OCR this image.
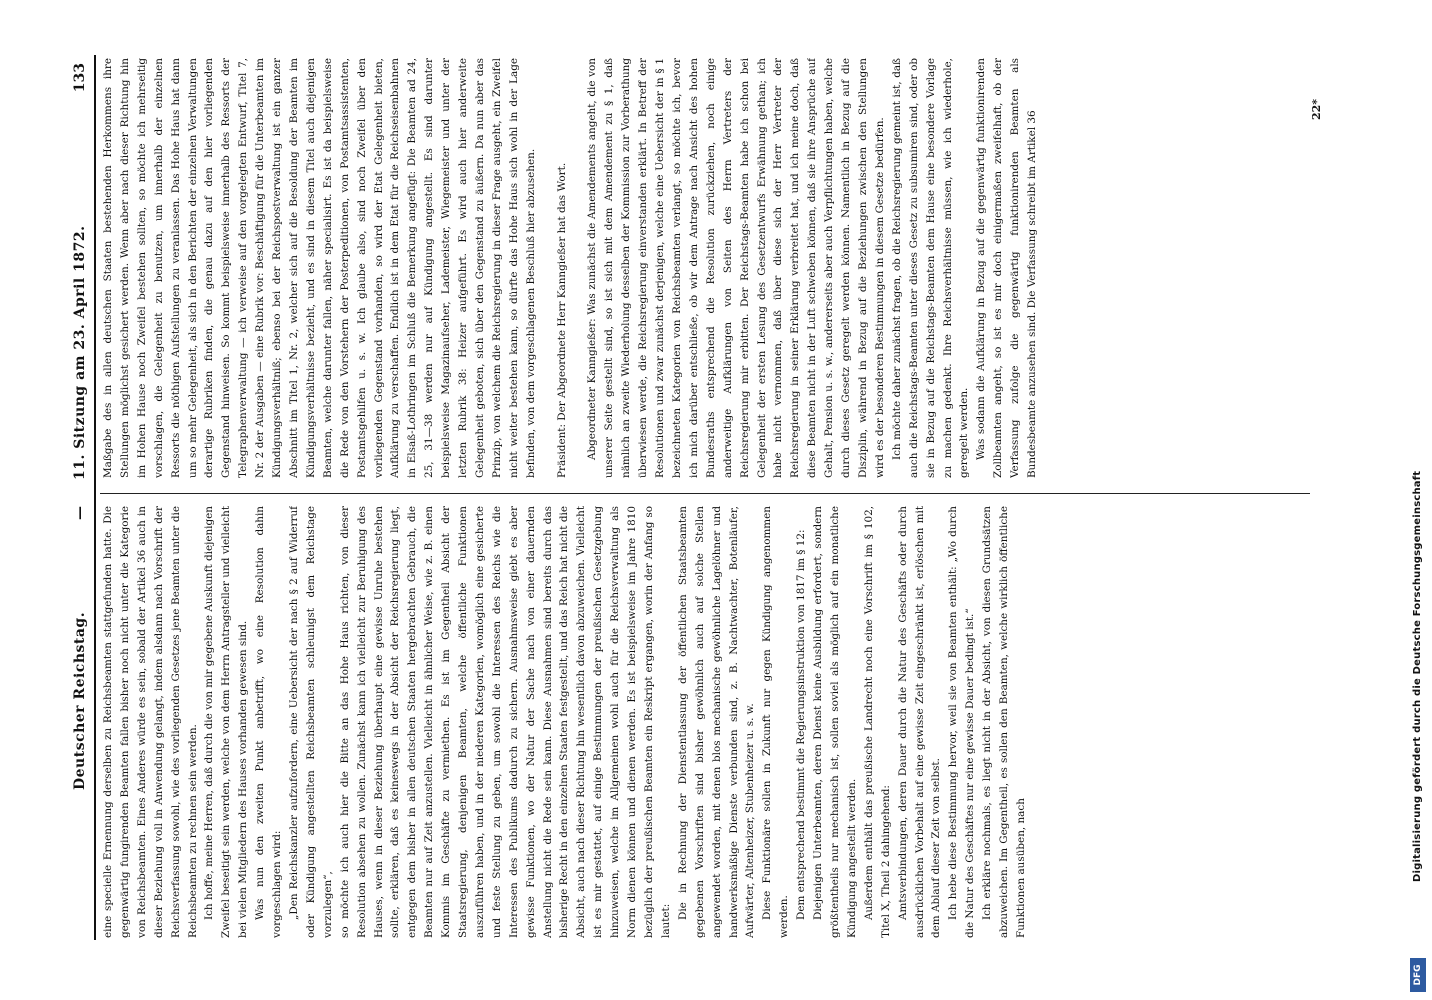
Deutscher Reichstag.
—
11. Sitzung am 23. April 1872.
133

eine specielle Ernennung derselben zu Reichsbeamten stattgefunden hatte. Die gegenwärtig fungirenden Beamten fallen bisher noch nicht unter die Kategorie von Reichsbeamten. Eines Anderes würde es sein, sobald der Artikel 36 auch in dieser Beziehung voll in Anwendung gelangt, indem alsdann nach Vorschrift der Reichsverfassung sowohl, wie des vorliegenden Gesetzes jene Beamten unter die Reichsbeamten zu rechnen sein werden. Ich hoffe, meine Herren, daß durch die von mir gegebene Auskunft diejenigen Zweifel beseitigt sein werden, welche von dem Herrn Antragsteller und vielleicht bei vielen Mitgliedern des Hauses vorhanden gewesen sind. Was nun den zweiten Punkt anbetrifft, wo eine Resolution dahin vorgeschlagen wird: „Den Reichskanzler aufzufordern, eine Uebersicht der nach § 2 auf Widerruf oder Kündigung angestellten Reichsbeamten schleunigst dem Reichstage vorzulegen“, so möchte ich auch hier die Bitte an das Hohe Haus richten, von dieser Resolution absehen zu wollen. Zunächst kann ich vielleicht zur Beruhigung des Hauses, wenn in dieser Beziehung überhaupt eine gewisse Unruhe bestehen sollte, erklären, daß es keineswegs in der Absicht der Reichsregierung liegt, entgegen dem bisher in allen deutschen Staaten hergebrachten Gebrauch, die Beamten nur auf Zeit anzustellen. Vielleicht in ähnlicher Weise, wie z. B. einen Kommis im Geschäfte zu vermiethen. Es ist im Gegentheil Absicht der Staatsregierung, denjenigen Beamten, welche öffentliche Funktionen auszuführen haben, und in der niederen Kategorien, womöglich eine gesicherte und feste Stellung zu geben, um sowohl die Interessen des Reichs wie die Interessen des Publikums dadurch zu sichern. Ausnahmsweise giebt es aber gewisse Funktionen, wo der Natur der Sache nach von einer dauernden Anstellung nicht die Rede sein kann. Diese Ausnahmen sind bereits durch das bisherige Recht in den einzelnen Staaten festgestellt, und das Reich hat nicht die Absicht, auch nach dieser Richtung hin wesentlich davon abzuweichen. Vielleicht ist es mir gestattet, auf einige Bestimmungen der preußischen Gesetzgebung hinzuweisen, welche im Allgemeinen wohl auch für die Reichsverwaltung als Norm dienen können und dienen werden. Es ist beispielsweise im Jahre 1810 bezüglich der preußischen Beamten ein Reskript ergangen, worin der Anfang so lautet:

Die in Rechnung der Dienstentlassung der öffentlichen Staatsbeamten gegebenen Vorschriften sind bisher gewöhnlich auch auf solche Stellen angewendet worden, mit denen blos mechanische gewöhnliche Lagelöhner und handwerksmäßige Dienste verbunden sind, z. B. Nachtwachter, Botenläufer, Aufwärter, Altenheizer, Stubenheizer u. s. w. Diese Funktionäre sollen in Zukunft nur gegen Kündigung angenommen werden. Dem entsprechend bestimmt die Regierungsinstruktion von 1817 im § 12: Diejenigen Unterbeamten, deren Dienst keine Ausbildung erfordert, sondern größtentheils nur mechanisch ist, sollen soviel als möglich auf ein monatliche Kündigung angestellt werden. Außerdem enthält das preußische Landrecht noch eine Vorschrift im § 102, Titel X, Theil 2 dahingehend: Amtsverbindungen, deren Dauer durch die Natur des Geschäfts oder durch ausdrücklichen Vorbehalt auf eine gewisse Zeit eingeschränkt ist, erlöschen mit dem Ablauf dieser Zeit von selbst. Ich hebe diese Bestimmung hervor, weil sie von Beamten enthält: „Wo durch die Natur des Geschäftes nur eine gewisse Dauer bedingt ist.“ Ich erkläre nochmals, es liegt nicht in der Absicht, von diesen Grundsätzen abzuweichen. Im Gegentheil, es sollen den Beamten, welche wirklich öffentliche Funktionen ausüben, nach

Maßgabe des in allen deutschen Staaten bestehenden Herkommens ihre Stellungen möglichst gesichert werden. Wenn aber nach dieser Richtung hin im Hohen Hause noch Zweifel bestehen sollten, so möchte ich mehrseitig vorschlagen, die Gelegenheit zu benutzen, um innerhalb der einzelnen Ressorts die nöthigen Aufstellungen zu veranlassen. Das Hohe Haus hat dann um so mehr Gelegenheit, als sich in den Berichten der einzelnen Verwaltungen derartige Rubriken finden, die genau dazu auf den hier vorliegenden Gegenstand hinweisen. So kommt beispielsweise innerhalb des Ressorts der Telegraphenverwaltung — ich verweise auf den vorgelegten Entwurf, Titel 7, Nr. 2 der Ausgaben — eine Rubrik vor: Beschäftigung für die Unterbeamten im Kündigungsverhältniß; ebenso bei der Reichspostverwaltung ist ein ganzer Abschnitt im Titel 1, Nr. 2, welcher sich auf die Besoldung der Beamten im Kündigungsverhältnisse bezieht, und es sind in diesem Titel auch diejenigen Beamten, welche darunter fallen, näher specialisirt. Es ist da beispielsweise die Rede von den Vorstehern der Posterpeditionen, von Postamtsassistenten, Postamtsgehilfen u. s. w. Ich glaube also, sind noch Zweifel über den vorliegenden Gegenstand vorhanden, so wird der Etat Gelegenheit bieten, Aufklärung zu verschaffen. Endlich ist in dem Etat für die Reichseisenbahnen in Elsaß-Lothringen im Schluß die Bemerkung angefügt: Die Beamten ad 24, 25, 31—38 werden nur auf Kündigung angestellt. Es sind darunter beispielsweise Magazinaufseher, Lademeister, Wiegemeister und unter der letzten Rubrik 38: Heizer aufgeführt. Es wird auch hier anderweite Gelegenheit geboten, sich über den Gegenstand zu äußern. Da nun aber das Prinzip, von welchem die Reichsregierung in dieser Frage ausgeht, ein Zweifel nicht weiter bestehen kann, so dürfte das Hohe Haus sich wohl in der Lage befinden, von dem vorgeschlagenen Beschluß hier abzusehen. Präsident: Der Abgeordnete Herr Kanngießer hat das Wort. Abgeordneter Kanngießer: Was zunächst die Amendements angeht, die von unserer Seite gestellt sind, so ist sich mit dem Amendement zu § 1, daß nämlich an zweite Wiederholung desselben der Kommission zur Vorberathung überwiesen werde, die Reichsregierung einverstanden erklärt. In Betreff der Resolutionen und zwar zunächst derjenigen, welche eine Uebersicht der in § 1 bezeichneten Kategorien von Reichsbeamten verlangt, so möchte ich, bevor ich mich darüber entschließe, ob wir dem Antrage nach Ansicht des hohen Bundesraths entsprechend die Resolution zurückziehen, noch einige anderweitige Aufklärungen von Seiten des Herrn Vertreters der Reichsregierung mir erbitten. Der Reichstags-Beamten habe ich schon bei Gelegenheit der ersten Lesung des Gesetzentwurfs Erwähnung gethan; ich habe nicht vernommen, daß über diese sich der Herr Vertreter der Reichsregierung in seiner Erklärung verbreitet hat, und ich meine doch, daß diese Beamten nicht in der Luft schweben können, daß sie ihre Ansprüche auf Gehalt, Pension u. s. w., andererseits aber auch Verpflichtungen haben, welche durch dieses Gesetz geregelt werden können. Namentlich in Bezug auf die Disziplin, während in Bezug auf die Beziehungen zwischen den Stellungen wird es der besonderen Bestimmungen in diesem Gesetze bedürfen. Ich möchte daher zunächst fragen, ob die Reichsregierung gemeint ist, daß auch die Reichstags-Beamten unter dieses Gesetz zu subsumiren sind, oder ob sie in Bezug auf die Reichstags-Beamten dem Hause eine besondere Vorlage zu machen gedenkt. Ihre Reichsverhältnisse müssen, wie ich wiederhole, geregelt werden. Was sodann die Aufklärung in Bezug auf die gegenwärtig funktionirenden Zollbeamten angeht, so ist es mir doch einigermaßen zweifelhaft, ob der Verfassung zufolge die gegenwärtig funktionirenden Beamten als Bundesbeamte anzusehen sind. Die Verfassung schreibt im Artikel 36

22*
DFG
Digitalisierung gefördert durch die Deutsche Forschungsgemeinschaft
